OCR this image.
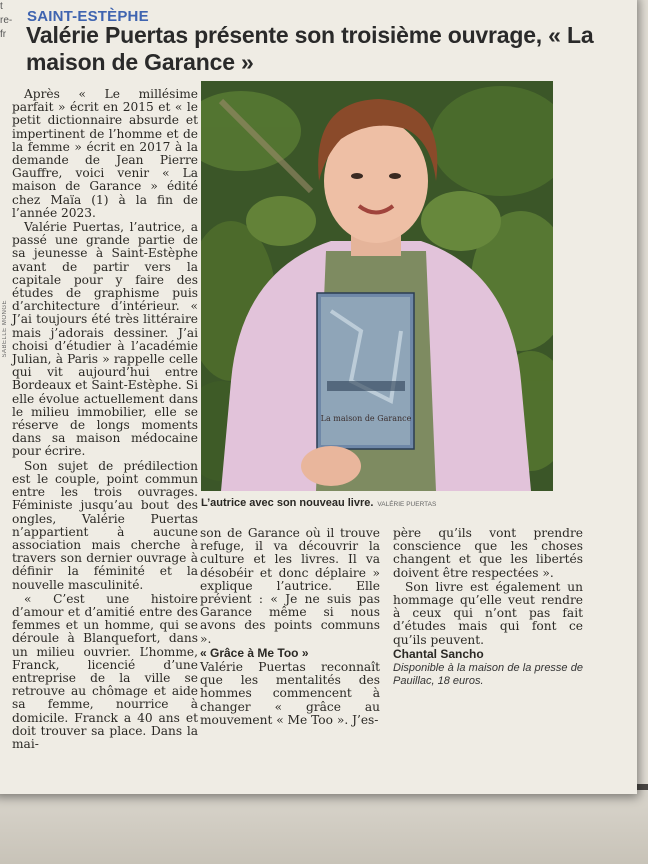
t
re-
fr
SABELLE MONGE
SAINT-ESTÈPHE
Valérie Puertas présente son troisième ouvrage, « La maison de Garance »

Après « Le millésime parfait » écrit en 2015 et « le petit dictionnaire absurde et impertinent de l’homme et de la femme » écrit en 2017 à la demande de Jean Pierre Gauffre, voici venir « La maison de Garance » édité chez Maïa (1) à la fin de l’année 2023.

Valérie Puertas, l’autrice, a passé une grande partie de sa jeunesse à Saint-Estèphe avant de partir vers la capitale pour y faire des études de graphisme puis d’architecture d’intérieur. « J’ai toujours été très littéraire mais j’adorais dessiner. J’ai choisi d’étudier à l’académie Julian, à Paris » rappelle celle qui vit aujourd’hui entre Bordeaux et Saint-Estèphe. Si elle évolue actuellement dans le milieu immobilier, elle se réserve de longs moments dans sa maison médocaine pour écrire.

Son sujet de prédilection est le couple, point commun entre les trois ouvrages. Féministe jusqu’au bout des ongles, Valérie Puertas n’appartient à aucune association mais cherche à travers son dernier ouvrage à définir la féminité et la nouvelle masculinité.

« C’est une histoire d’amour et d’amitié entre des femmes et un homme, qui se déroule à Blanquefort, dans un milieu ouvrier. L’homme, Franck, licencié d’une entreprise de la ville se retrouve au chômage et aide sa femme, nourrice à domicile. Franck a 40 ans et doit trouver sa place. Dans la mai-

La maison de Garance
L’autrice avec son nouveau livre. VALÉRIE PUERTAS

son de Garance où il trouve refuge, il va découvrir la culture et les livres. Il va désobéir et donc déplaire » explique l’autrice. Elle prévient : « Je ne suis pas Garance même si nous avons des points communs ».

« Grâce à Me Too »

Valérie Puertas reconnaît que les mentalités des hommes commencent à changer « grâce au mouvement « Me Too ». J’es-

père qu’ils vont prendre conscience que les choses changent et que les libertés doivent être respectées ».

Son livre est également un hommage qu’elle veut rendre à ceux qui n’ont pas fait d’études mais qui font ce qu’ils peuvent.

Chantal Sancho

Disponible à la maison de la presse de Pauillac, 18 euros.
